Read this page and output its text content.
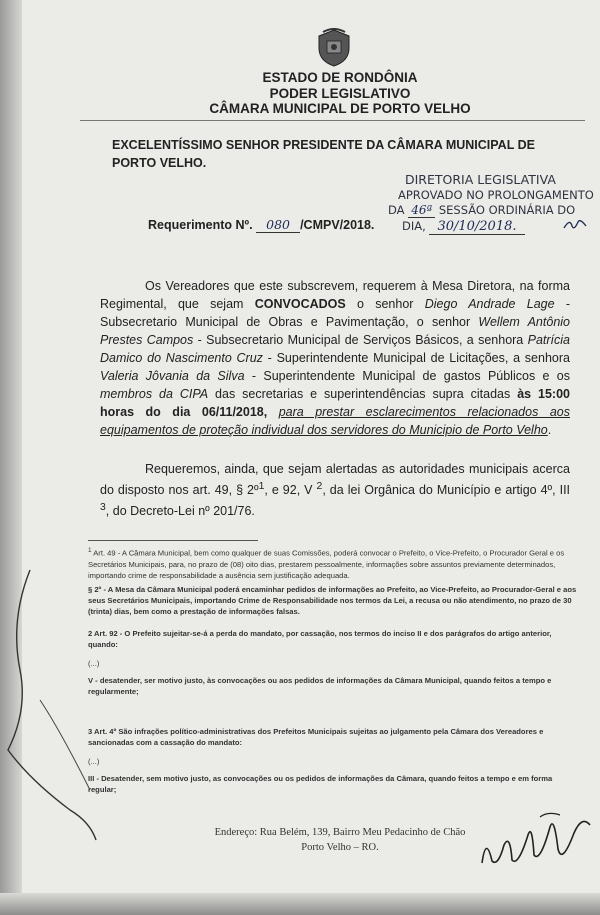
ESTADO DE RONDÔNIA
PODER LEGISLATIVO
CÂMARA MUNICIPAL DE PORTO VELHO
EXCELENTÍSSIMO SENHOR PRESIDENTE DA CÂMARA MUNICIPAL DE
PORTO VELHO.
DIRETORIA LEGISLATIVA
APROVADO NO PROLONGAMENTO
DA 46ª SESSÃO ORDINÁRIA DO
DIA, 30/10/2018.
Requerimento Nº. 080 /CMPV/2018.
Os Vereadores que este subscrevem, requerem à Mesa Diretora, na forma Regimental, que sejam CONVOCADOS o senhor Diego Andrade Lage - Subsecretario Municipal de Obras e Pavimentação, o senhor Wellem Antônio Prestes Campos - Subsecretario Municipal de Serviços Básicos, a senhora Patrícia Damico do Nascimento Cruz - Superintendente Municipal de Licitações, a senhora Valeria Jôvania da Silva - Superintendente Municipal de gastos Públicos e os membros da CIPA das secretarias e superintendências supra citadas às 15:00 horas do dia 06/11/2018, para prestar esclarecimentos relacionados aos equipamentos de proteção individual dos servidores do Municipio de Porto Velho.
Requeremos, ainda, que sejam alertadas as autoridades municipais acerca do disposto nos art. 49, § 2º$^1$, e 92, V $^2$, da lei Orgânica do Município e artigo 4º, III $^3$, do Decreto-Lei nº 201/76.
$^1$ Art. 49 - A Câmara Municipal, bem como qualquer de suas Comissões, poderá convocar o Prefeito, o Vice-Prefeito, o Procurador Geral e os Secretários Municipais, para, no prazo de (08) oito dias, prestarem pessoalmente, informações sobre assuntos previamente determinados, importando crime de responsabilidade a ausência sem justificação adequada.
§ 2º - A Mesa da Câmara Municipal poderá encaminhar pedidos de informações ao Prefeito, ao Vice-Prefeito, ao Procurador-Geral e aos seus Secretários Municipais, importando Crime de Responsabilidade nos termos da Lei, a recusa ou não atendimento, no prazo de 30 (trinta) dias, bem como a prestação de informações falsas.
2 Art. 92 - O Prefeito sujeitar-se-á a perda do mandato, por cassação, nos termos do inciso II e dos parágrafos do artigo anterior, quando:
(...)
V - desatender, ser motivo justo, às convocações ou aos pedidos de informações da Câmara Municipal, quando feitos a tempo e regularmente;
3 Art. 4º São infrações político-administrativas dos Prefeitos Municipais sujeitas ao julgamento pela Câmara dos Vereadores e sancionadas com a cassação do mandato:
(...)
III - Desatender, sem motivo justo, as convocações ou os pedidos de informações da Câmara, quando feitos a tempo e em forma regular;
Endereço: Rua Belém, 139, Bairro Meu Pedacinho de Chão
Porto Velho – RO.
